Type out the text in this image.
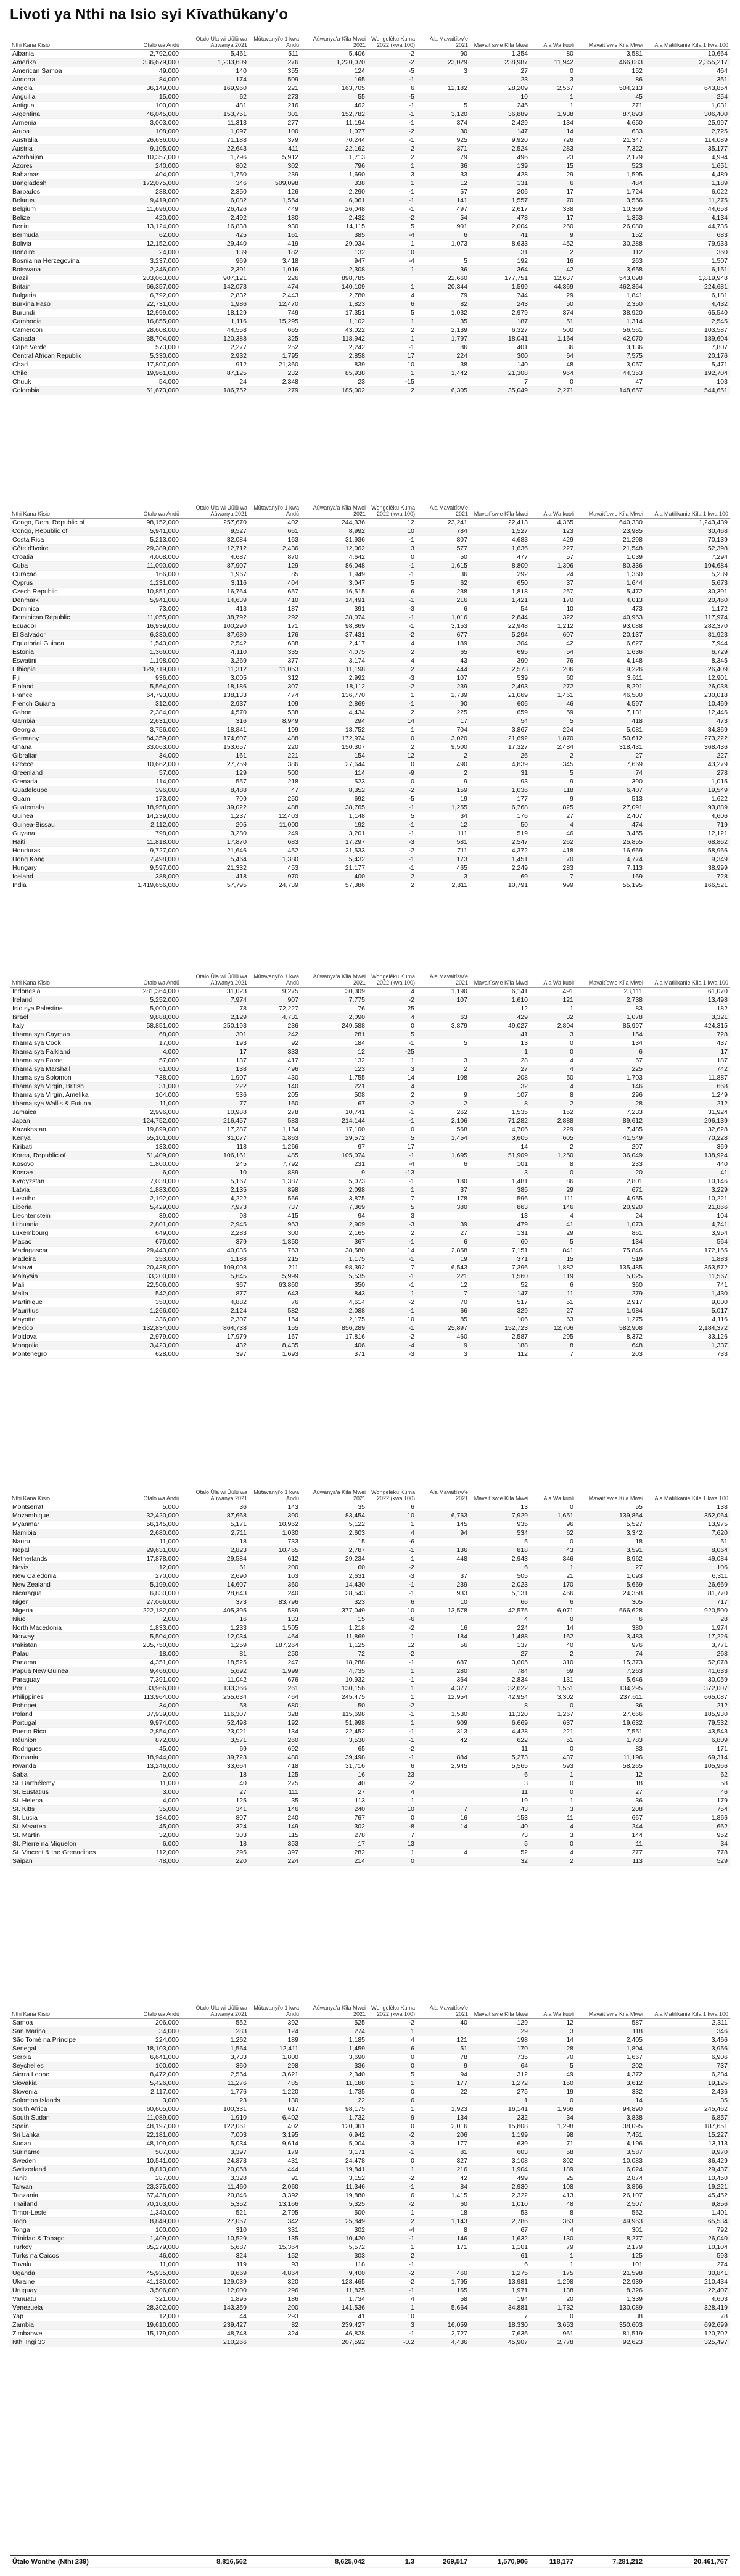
Livoti ya Nthi na Isio syi Kīvathūkany'o
Nthi Kana Kīsio	Otalo wa Andū	Otalo Ūla wi Ūūlū wa Aūwanya 2021	Mūtavanyi'o 1 kwa Andū	Aūwanya'a Kīla Mwei 2021	Wongelēku Kuma 2022 (kwa 100)	Ala Mavaitīsw'e 2021	Mavaitīsw'e Kīla Mwei	Ala Wa kuoli	Mavaitīsw'e Kīla Mwei	Ala Matilikanie Kīla 1 kwa 100
Albania	2,792,000	5,461	511	5,406	-2	90	1,354	80	3,581	10,664
Amerika	336,679,000	1,233,609	276	1,220,070	-2	23,029	238,987	11,942	466,083	2,355,217
American Samoa	49,000	140	355	124	-5	3	27	0	152	464
Andorra	84,000	174	509	165	-1		23	3	86	351
Angola	36,149,000	169,960	221	163,705	6	12,182	28,209	2,567	504,213	643,854
Anguilla	15,000	62	273	55	-5		10	1	45	254
Antigua	100,000	481	216	462	-1	5	245	1	271	1,031
Argentina	46,045,000	153,751	301	152,782	-1	3,120	36,889	1,938	87,893	306,400
Armenia	3,003,000	11,313	277	11,194	-1	374	2,429	134	4,650	25,997
Aruba	108,000	1,097	100	1,077	-2	30	147	14	633	2,725
Australia	26,636,000	71,188	379	70,244	-1	925	9,920	726	21,347	114,089
Austria	9,105,000	22,643	411	22,162	2	371	2,524	283	7,322	35,177
Azerbaijan	10,357,000	1,796	5,912	1,713	2	79	496	23	2,179	4,994
Azores	240,000	802	302	796	1	36	139	15	523	1,651
Bahamas	404,000	1,750	239	1,690	3	33	428	29	1,595	4,489
Bangladesh	172,075,000	346	509,098	338	1	12	131	6	484	1,189
Barbados	288,000	2,350	126	2,290	-1	57	206	17	1,724	6,022
Belarus	9,419,000	6,082	1,554	6,061	-1	141	1,557	70	3,556	11,275
Belgium	11,696,000	26,426	449	26,048	-1	497	2,617	338	10,369	44,658
Belize	420,000	2,492	180	2,432	-2	54	478	17	1,353	4,134
Benin	13,124,000	16,838	930	14,115	5	901	2,004	260	26,080	44,735
Bermuda	62,000	425	161	385	-4	6	41	9	152	683
Bolivia	12,152,000	29,440	419	29,034	1	1,073	8,633	452	30,288	79,933
Bonaire	24,000	139	182	132	10		31	2	112	360
Bosnia na Herzegovina	3,237,000	969	3,418	947	-4	5	192	16	263	1,507
Botswana	2,346,000	2,391	1,016	2,308	1	36	364	42	3,658	6,151
Brazil	203,063,000	907,121	226	898,785		22,660	177,751	12,637	543,098	1,819,948
Britain	66,357,000	142,073	474	140,109	1	20,344	1,599	44,369	462,364	224,681
Bulgaria	6,792,000	2,832	2,443	2,780	4	79	744	29	1,841	6,181
Burkina Faso	22,731,000	1,986	12,470	1,823	6	82	243	50	2,350	4,432
Burundi	12,999,000	18,129	749	17,351	5	1,032	2,979	374	38,920	65,540
Cambodia	16,855,000	1,116	15,295	1,102	1	35	187	51	1,314	2,545
Cameroon	28,608,000	44,558	665	43,022	2	2,139	6,327	500	56,561	103,587
Canada	38,704,000	120,388	325	118,942	1	1,797	18,041	1,164	42,070	189,604
Cape Verde	573,000	2,277	252	2,242	-1	86	401	36	3,136	7,807
Central African Republic	5,330,000	2,932	1,795	2,858	17	224	300	64	7,575	20,176
Chad	17,807,000	912	21,360	839	10	38	140	48	3,057	5,471
Chile	19,961,000	87,125	232	85,938	1	1,442	21,308	964	44,353	192,704
Chuuk	54,000	24	2,348	23	-15		7	0	47	103
Colombia	51,673,000	186,752	279	185,002	2	6,305	35,049	2,271	148,657	544,651
Nthi Kana Kīsio	Otalo wa Andū	Otalo Ūla wi Ūūlū wa Aūwanya 2021	Mūtavanyi'o 1 kwa Andū	Aūwanya'a Kīla Mwei 2021	Wongelēku Kuma 2022 (kwa 100)	Ala Mavaitīsw'e 2021	Mavaitīsw'e Kīla Mwei	Ala Wa kuoli	Mavaitīsw'e Kīla Mwei	Ala Matilikanie Kīla 1 kwa 100
Congo, Dem. Republic of	98,152,000	257,670	402	244,336	12	23,241	22,413	4,365	640,330	1,243,439
Congo, Republic of	5,941,000	9,527	661	8,992	10	784	1,527	123	23,985	30,468
Costa Rica	5,213,000	32,084	163	31,936	-1	807	4,683	429	21,298	70,139
Côte d'Ivoire	29,389,000	12,712	2,436	12,062	3	577	1,636	227	21,548	52,398
Croatia	4,008,000	4,687	870	4,642	0	50	477	57	1,039	7,294
Cuba	11,090,000	87,907	129	86,048	-1	1,615	8,800	1,306	80,336	194,684
Curaçao	166,000	1,967	85	1,949	-1	36	292	24	1,360	5,239
Cyprus	1,231,000	3,116	404	3,047	5	62	650	37	1,644	5,673
Czech Republic	10,851,000	16,764	657	16,515	6	238	1,818	257	5,472	30,391
Denmark	5,941,000	14,639	410	14,491	-1	216	1,421	170	4,013	20,460
Dominica	73,000	413	187	391	-3	6	54	10	473	1,172
Dominican Republic	11,055,000	38,792	292	38,074	-1	1,016	2,844	322	40,963	117,974
Ecuador	16,939,000	100,290	171	98,869	-1	3,153	22,948	1,212	93,088	282,370
El Salvador	6,330,000	37,680	176	37,431	-2	677	5,294	607	20,137	81,923
Equatorial Guinea	1,543,000	2,542	638	2,417	4	189	304	42	6,627	7,944
Estonia	1,366,000	4,110	335	4,075	2	65	695	54	1,636	6,729
Eswatini	1,198,000	3,269	377	3,174	4	43	390	76	4,148	8,345
Ethiopia	129,719,000	11,312	11,053	11,198	2	444	2,573	206	9,226	26,409
Fiji	936,000	3,005	312	2,992	-3	107	539	60	3,611	12,901
Finland	5,564,000	18,186	307	18,112	-2	239	2,493	272	8,291	26,038
France	64,793,000	138,133	474	136,770	1	2,739	21,069	1,461	46,500	230,018
French Guiana	312,000	2,937	109	2,869	-1	90	606	46	4,597	10,469
Gabon	2,384,000	4,570	538	4,434	2	225	659	59	7,131	12,446
Gambia	2,631,000	316	8,949	294	14	17	54	5	418	473
Georgia	3,756,000	18,841	199	18,752	1	704	3,867	224	5,081	34,369
Germany	84,359,000	174,607	488	172,974	0	3,020	21,692	1,870	50,612	273,222
Ghana	33,063,000	153,657	220	150,307	2	9,500	17,327	2,484	318,431	368,436
Gibraltar	34,000	161	221	154	12	2	26	2	27	227
Greece	10,662,000	27,759	386	27,644	0	490	4,839	345	7,669	43,279
Greenland	57,000	129	500	114	-9	2	31	5	74	278
Grenada	114,000	557	218	523	0	9	93	9	390	1,015
Guadeloupe	396,000	8,488	47	8,352	-2	159	1,036	118	6,407	19,549
Guam	173,000	709	250	692	-5	19	177	9	513	1,622
Guatemala	18,958,000	39,022	488	38,765	-1	1,255	6,768	825	27,091	93,889
Guinea	14,239,000	1,237	12,403	1,148	5	34	176	27	2,407	4,606
Guinea-Bissau	2,112,000	205	11,000	192	-1	12	50	4	474	719
Guyana	798,000	3,280	249	3,201	-1	111	519	46	3,455	12,121
Haiti	11,818,000	17,870	683	17,297	-3	581	2,547	262	25,855	68,862
Honduras	9,727,000	21,646	452	21,533	-2	711	4,372	418	16,669	58,966
Hong Kong	7,498,000	5,464	1,380	5,432	-1	173	1,451	70	4,774	9,349
Hungary	9,597,000	21,332	453	21,177	-1	465	2,249	283	7,113	38,999
Iceland	388,000	418	970	400	2	3	69	7	169	728
India	1,419,656,000	57,795	24,739	57,386	2	2,811	10,791	999	55,195	166,521
Nthi Kana Kīsio	Otalo wa Andū	Otalo Ūla wi Ūūlū wa Aūwanya 2021	Mūtavanyi'o 1 kwa Andū	Aūwanya'a Kīla Mwei 2021	Wongelēku Kuma 2022 (kwa 100)	Ala Mavaitīsw'e 2021	Mavaitīsw'e Kīla Mwei	Ala Wa kuoli	Mavaitīsw'e Kīla Mwei	Ala Matilikanie Kīla 1 kwa 100
Indonesia	281,364,000	31,023	9,275	30,309	4	1,190	6,141	491	23,111	61,070
Ireland	5,252,000	7,974	907	7,775	-2	107	1,610	121	2,738	13,498
Isio sya Palestine	5,000,000	78	72,227	76	25		12	1	83	182
Israel	9,888,000	2,129	4,731	2,090	4	63	429	32	1,078	3,321
Italy	58,851,000	250,193	236	249,588	0	3,879	49,027	2,804	85,997	424,315
Ithama sya Cayman	68,000	301	242	281	5		41	3	154	728
Ithama sya Cook	17,000	193	92	184	-1	5	13	0	134	437
Ithama sya Falkland	4,000	17	333	12	-25		1	0	6	17
Ithama sya Faroe	57,000	137	417	132	1	3	28	4	67	187
Ithama sya Marshall	61,000	138	496	123	3	2	27	4	225	742
Ithama sya Solomon	738,000	1,907	430	1,755	14	108	208	50	1,703	11,887
Ithama sya Virgin, British	31,000	222	140	221	4		32	4	146	668
Ithama sya Virgin, Amelika	104,000	536	205	508	2	9	107	8	296	1,249
Ithama sya Wallis & Futuna	11,000	77	160	67	-2	2	8	2	28	212
Jamaica	2,996,000	10,988	278	10,741	-1	262	1,535	152	7,233	31,924
Japan	124,752,000	216,457	583	214,144	-1	2,106	71,282	2,888	89,612	296,139
Kazakhstan	19,899,000	17,287	1,164	17,100	0	568	4,706	229	7,485	32,628
Kenya	55,101,000	31,077	1,863	29,572	5	1,454	3,605	605	41,549	70,228
Kiribati	133,000	118	1,266	97	17		14	2	207	369
Korea, Republic of	51,409,000	106,161	485	105,074	-1	1,695	51,909	1,250	36,049	138,924
Kosovo	1,800,000	245	7,792	231	-4	6	101	8	233	440
Kosrae	6,000	10	889	9	-13		3	0	20	41
Kyrgyzstan	7,038,000	5,167	1,387	5,073	-1	180	1,481	86	2,801	10,146
Latvia	1,883,000	2,135	898	2,098	1	37	385	29	671	3,229
Lesotho	2,192,000	4,222	566	3,875	7	178	596	111	4,955	10,221
Liberia	5,429,000	7,973	737	7,369	5	380	863	146	20,920	21,866
Liechtenstein	39,000	98	415	94	3		13	4	24	104
Lithuania	2,801,000	2,945	963	2,909	-3	39	479	41	1,073	4,741
Luxembourg	649,000	2,283	300	2,165	2	27	131	29	861	3,954
Macao	679,000	379	1,850	367	-1	6	60	5	134	564
Madagascar	29,443,000	40,035	763	38,580	14	2,858	7,151	841	75,846	172,165
Madeira	253,000	1,188	215	1,175	-1	19	371	15	519	1,883
Malawi	20,438,000	109,008	211	98,392	7	6,543	7,396	1,882	135,485	353,572
Malaysia	33,200,000	5,645	5,999	5,535	-1	221	1,560	119	5,025	11,567
Mali	22,506,000	367	63,860	350	-1	12	52	6	360	741
Malta	542,000	877	643	843	1	7	147	11	279	1,430
Martinique	350,000	4,882	76	4,614	-2	70	517	51	2,917	9,000
Mauritius	1,266,000	2,124	582	2,088	-1	66	329	27	1,984	5,017
Mayotte	336,000	2,307	154	2,175	10	85	106	63	1,275	4,116
Mexico	132,834,000	864,738	155	856,289	-1	25,897	152,723	12,706	582,908	2,184,372
Moldova	2,979,000	17,979	167	17,816	-2	460	2,587	295	8,372	33,126
Mongolia	3,423,000	432	8,435	406	-4	9	188	8	648	1,337
Montenegro	628,000	397	1,693	371	-3	3	112	7	203	733
Nthi Kana Kīsio	Otalo wa Andū	Otalo Ūla wi Ūūlū wa Aūwanya 2021	Mūtavanyi'o 1 kwa Andū	Aūwanya'a Kīla Mwei 2021	Wongelēku Kuma 2022 (kwa 100)	Ala Mavaitīsw'e 2021	Mavaitīsw'e Kīla Mwei	Ala Wa kuoli	Mavaitīsw'e Kīla Mwei	Ala Matilikanie Kīla 1 kwa 100
Montserrat	5,000	36	143	35	6		13	0	55	138
Mozambique	32,420,000	87,668	390	83,454	10	6,763	7,929	1,651	139,864	352,064
Myanmar	56,145,000	5,171	10,962	5,122	1	145	935	96	5,527	13,975
Namibia	2,680,000	2,711	1,030	2,603	4	94	534	62	3,342	7,620
Nauru	11,000	18	733	15	-6		5	0	18	51
Nepal	29,631,000	2,823	10,465	2,787	-1	136	818	43	3,591	8,064
Netherlands	17,878,000	29,584	612	29,234	1	448	2,943	346	8,962	49,084
Nevis	12,000	61	200	60	-2		6	1	27	106
New Caledonia	270,000	2,690	103	2,631	-3	37	505	21	1,093	6,311
New Zealand	5,199,000	14,607	360	14,430	-1	239	2,023	170	5,669	26,669
Nicaragua	6,830,000	28,643	240	28,543	-1	933	5,131	466	24,358	81,770
Niger	27,066,000	373	83,796	323	6	10	66	6	305	717
Nigeria	222,182,000	405,395	589	377,049	10	13,578	42,575	6,071	666,628	920,500
Niue	2,000	16	133	15	-6		4	0	6	28
North Macedonia	1,833,000	1,233	1,505	1,218	-2	16	224	14	380	1,974
Norway	5,504,000	12,034	464	11,869	1	184	1,488	162	3,483	17,226
Pakistan	235,750,000	1,259	187,264	1,125	12	56	137	40	976	3,771
Palau	18,000	81	250	72	-2		27	2	74	268
Panama	4,351,000	18,525	247	18,288	-1	687	3,605	310	15,373	52,078
Papua New Guinea	9,466,000	5,692	1,999	4,735	1	280	784	69	7,263	41,633
Paraguay	7,391,000	11,042	676	10,932	-1	364	2,834	131	5,646	30,059
Peru	33,966,000	133,366	261	130,156	1	4,377	32,622	1,551	134,295	372,007
Philippines	113,964,000	255,634	464	245,475	1	12,954	42,954	3,302	237,611	665,087
Pohnpei	34,000	58	680	50	-2		8	0	36	212
Poland	37,939,000	116,307	328	115,698	-1	1,530	11,320	1,267	27,666	185,930
Portugal	9,974,000	52,498	192	51,998	1	909	6,669	637	19,632	79,532
Puerto Rico	2,854,000	23,021	134	22,452	-1	313	4,428	221	7,551	43,543
Réunion	872,000	3,571	260	3,538	-1	42	622	51	1,783	6,809
Rodrigues	45,000	69	692	65	-2		11	0	83	171
Romania	18,944,000	39,723	480	39,498	-1	884	5,273	437	11,196	69,314
Rwanda	13,246,000	33,664	418	31,716	6	2,945	5,565	593	58,265	105,966
Saba	2,000	18	125	16	23		6	1	12	62
St. Barthélemy	11,000	40	275	40	-2		3	0	18	58
St. Eustatius	3,000	27	111	27	4		11	0	27	46
St. Helena	4,000	125	35	113	1		19	1	36	179
St. Kitts	35,000	341	146	240	10	7	43	3	208	754
St. Lucia	184,000	807	240	767	0	16	153	11	667	1,866
St. Maarten	45,000	324	149	302	-8	14	40	4	244	662
St. Martin	32,000	303	115	278	7		73	3	144	952
St. Pierre na Miquelon	6,000	18	353	17	13		5	0	11	34
St. Vincent & the Grenadines	112,000	295	397	282	1	4	52	4	277	778
Saipan	48,000	220	224	214	0		32	2	113	529
Nthi Kana Kīsio	Otalo wa Andū	Otalo Ūla wi Ūūlū wa Aūwanya 2021	Mūtavanyi'o 1 kwa Andū	Aūwanya'a Kīla Mwei 2021	Wongelēku Kuma 2022 (kwa 100)	Ala Mavaitīsw'e 2021	Mavaitīsw'e Kīla Mwei	Ala Wa kuoli	Mavaitīsw'e Kīla Mwei	Ala Matilikanie Kīla 1 kwa 100
Samoa	206,000	552	392	525	-2	40	129	12	587	2,311
San Marino	34,000	283	124	274	1		29	3	118	346
São Tomé na Príncipe	224,000	1,262	189	1,185	4	121	198	14	2,405	3,466
Senegal	18,103,000	1,564	12,411	1,459	6	51	170	28	1,804	3,956
Serbia	6,641,000	3,733	1,800	3,690	0	78	735	70	1,667	6,906
Seychelles	100,000	360	298	336	0	9	64	5	202	737
Sierra Leone	8,472,000	2,564	3,621	2,340	5	94	312	49	4,372	6,284
Slovakia	5,426,000	11,276	485	11,188	1	177	1,272	150	3,612	19,125
Slovenia	2,117,000	1,776	1,220	1,735	0	22	275	19	332	2,436
Solomon Islands	3,000	23	130	22	6		1	0	14	35
South Africa	60,605,000	100,331	617	98,175	1	1,923	16,141	1,966	94,890	245,462
South Sudan	11,089,000	1,910	6,402	1,732	9	134	232	34	3,838	6,857
Spain	48,197,000	122,061	402	120,061	0	2,016	15,808	1,298	38,095	187,651
Sri Lanka	22,181,000	7,003	3,195	6,942	-2	206	1,199	98	7,451	15,227
Sudan	48,109,000	5,034	9,614	5,004	-3	177	639	71	4,196	13,113
Suriname	507,000	3,397	179	3,171	-1	81	603	58	3,587	9,970
Sweden	10,541,000	24,873	431	24,478	0	327	3,108	302	10,083	36,429
Switzerland	8,813,000	20,058	444	19,841	1	216	1,904	189	6,024	29,437
Tahiti	287,000	3,328	91	3,152	-2	42	499	25	2,874	10,450
Taiwan	23,375,000	11,460	2,060	11,346	-1	84	2,930	108	3,866	19,221
Tanzania	67,438,000	20,846	3,392	19,880	6	1,415	2,322	413	26,107	45,452
Thailand	70,103,000	5,352	13,166	5,325	-2	60	1,010	48	2,507	9,856
Timor-Leste	1,340,000	521	2,795	500	1	18	53	8	562	1,401
Togo	8,849,000	27,057	342	25,849	2	1,143	2,786	363	49,963	65,534
Tonga	100,000	310	331	302	-4	8	67	4	301	792
Trinidad & Tobago	1,409,000	10,529	135	10,420	-1	146	1,632	130	8,277	26,040
Turkey	85,279,000	5,687	15,364	5,572	1	171	1,101	79	2,179	10,104
Turks na Caicos	46,000	324	152	303	2		61	1	125	593
Tuvalu	11,000	119	93	118	-1		6	1	101	274
Uganda	45,935,000	9,669	4,864	9,400	-2	460	1,275	175	21,598	30,841
Ukraine	41,130,000	129,039	320	128,465	-2	1,795	13,981	1,298	22,939	210,434
Uruguay	3,506,000	12,000	296	11,825	-1	165	1,971	138	8,326	22,407
Vanuatu	321,000	1,895	186	1,734	4	58	194	20	1,339	4,603
Venezuela	28,302,000	143,359	200	141,536	1	5,664	34,881	1,732	130,089	328,419
Yap	12,000	44	293	41	10		7	0	38	78
Zambia	19,610,000	239,427	82	239,427	3	16,059	18,330	3,653	350,603	692,699
Zimbabwe	15,179,000	48,748	324	46,828	-1	2,727	7,635	961	81,519	120,702
Nthi Ingi 33		210,266		207,592	-0.2	4,436	45,907	2,778	92,623	325,497
Ūtalo Wonthe (Nthi 239)		8,816,562		8,625,042	1.3	269,517	1,570,906	118,177	7,281,212	20,461,767
